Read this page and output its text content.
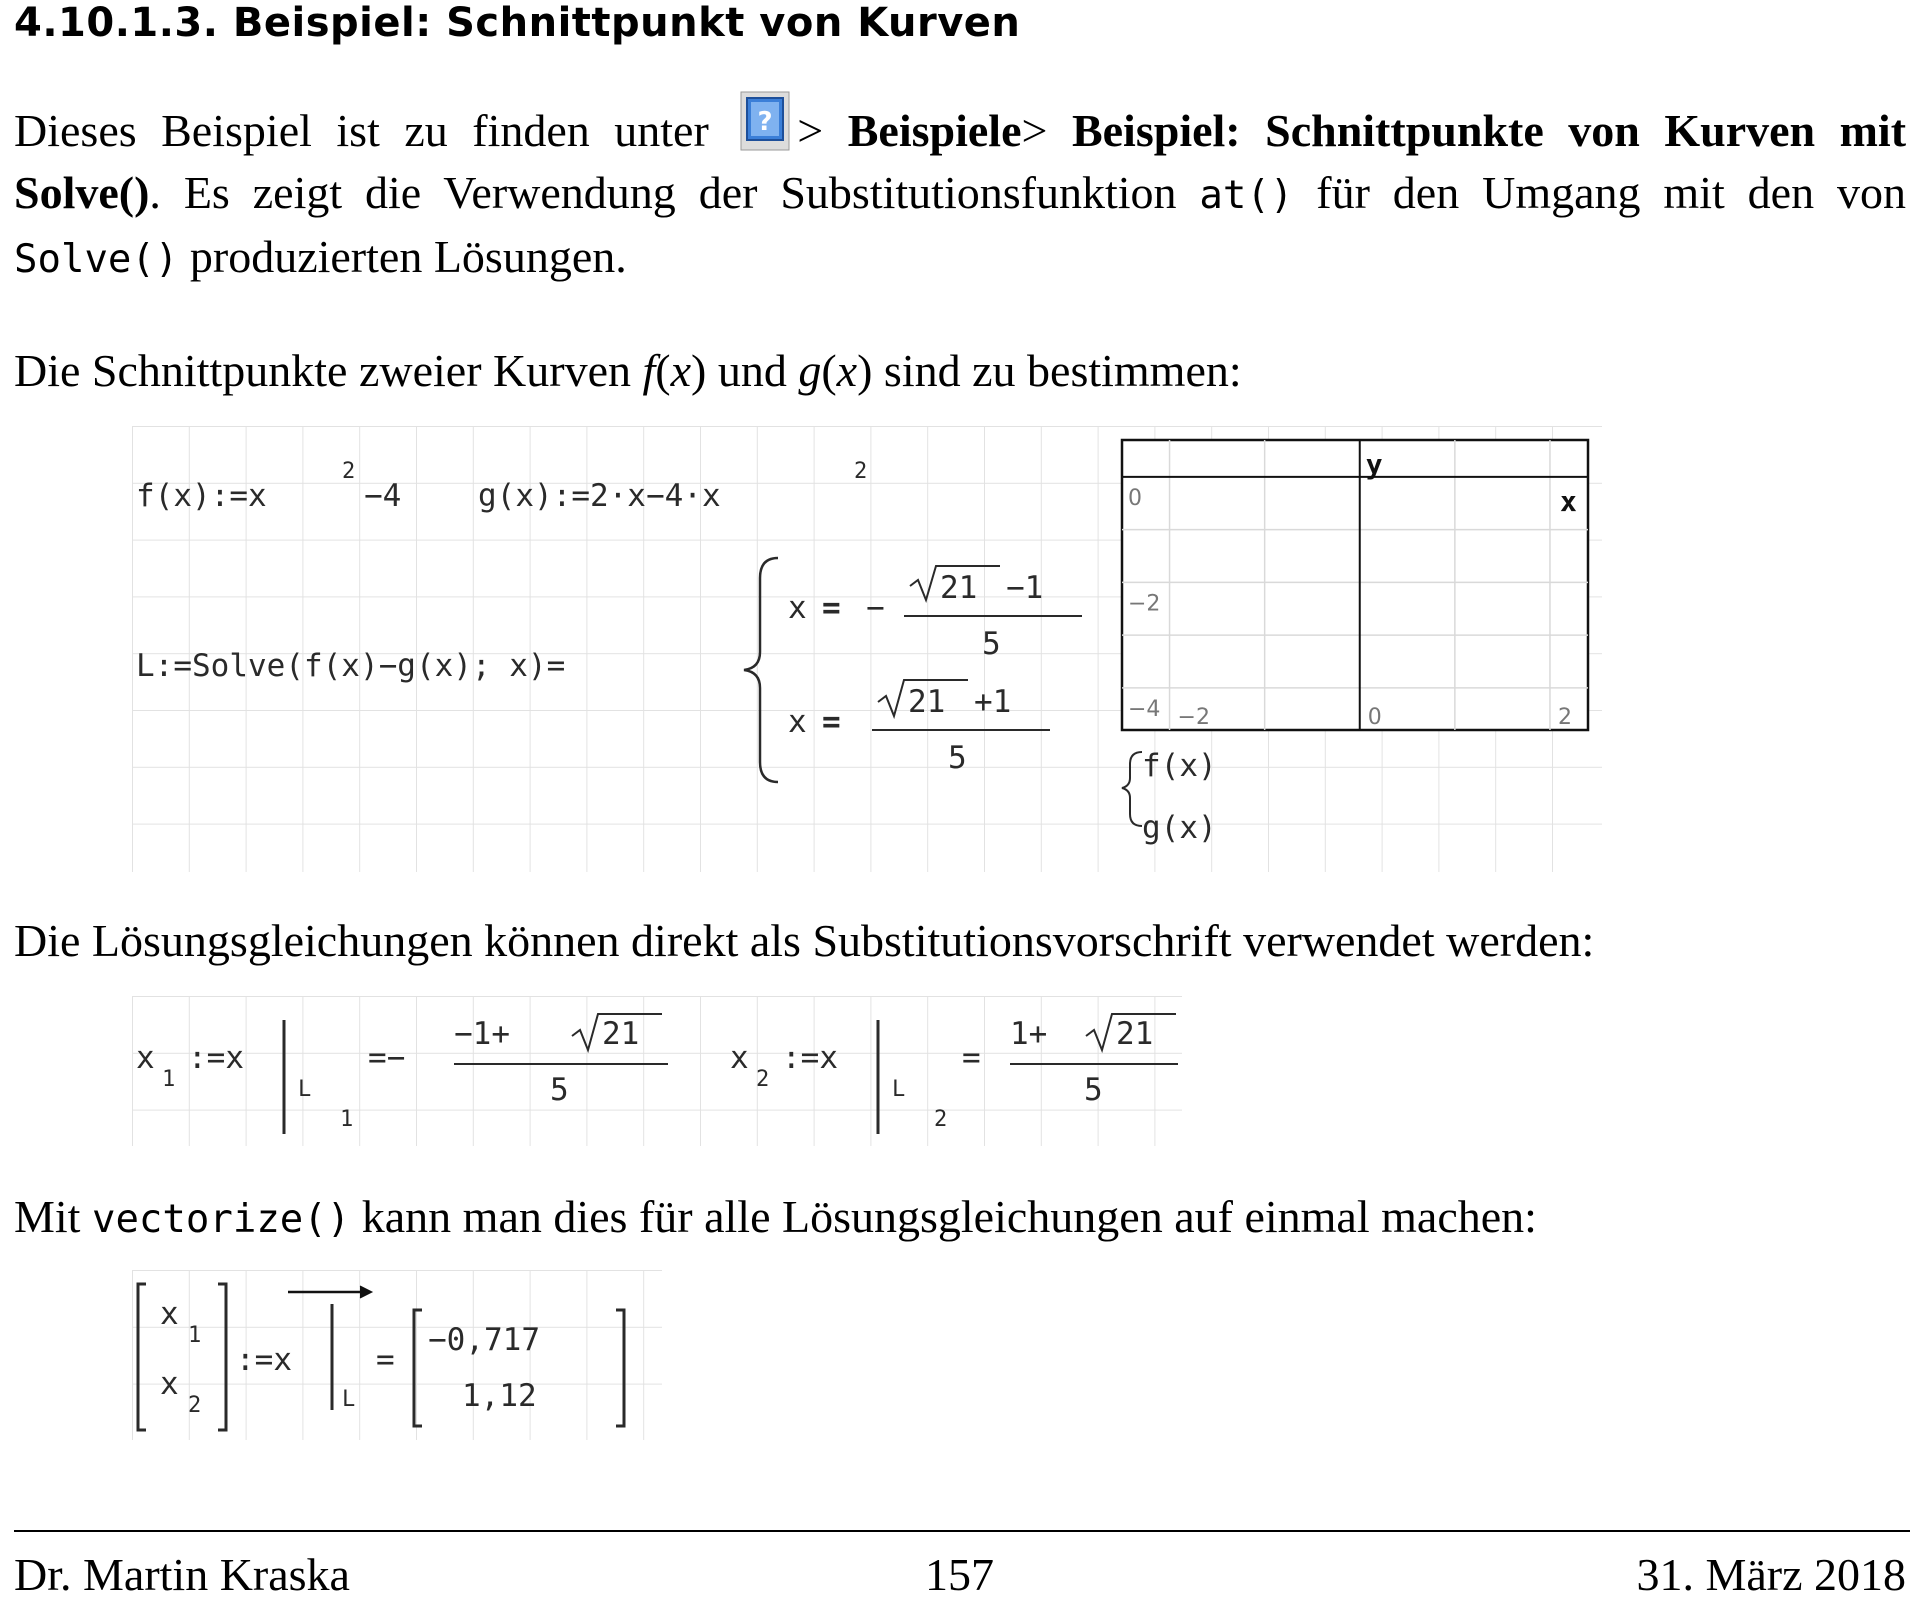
4.10.1.3. Beispiel: Schnittpunkt von Kurven
Dieses Beispiel ist zu finden unter ? > Beispiele> Beispiel: Schnittpunkte von Kurven mit Solve(). Es zeigt die Verwendung der Substitutionsfunktion at() für den Umgang mit den von Solve() produzierten Lösungen.
Die Schnittpunkte zweier Kurven f(x) und g(x) sind zu bestimmen:
f(x):=x
2
−4 g(x):=2·x−4·x
2
L:=Solve(f(x)−g(x); x)=
x = −
21 −1
5
x =
21 +1
5
−2	0	2
0
−2
−4
y
x
f(x)
g(x)
Die Lösungsgleichungen können direkt als Substitutionsvorschrift verwendet werden:
x
1
:=x
L
1
=−
−1+	21
5
x
2
:=x
L
2
=
1+ 21
5
Mit vectorize() kann man dies für alle Lösungsgleichungen auf einmal machen:
x
1
x
2
:=x
L
=
−0,717
1,12
Dr. Martin Kraska	157	31. März 2018
